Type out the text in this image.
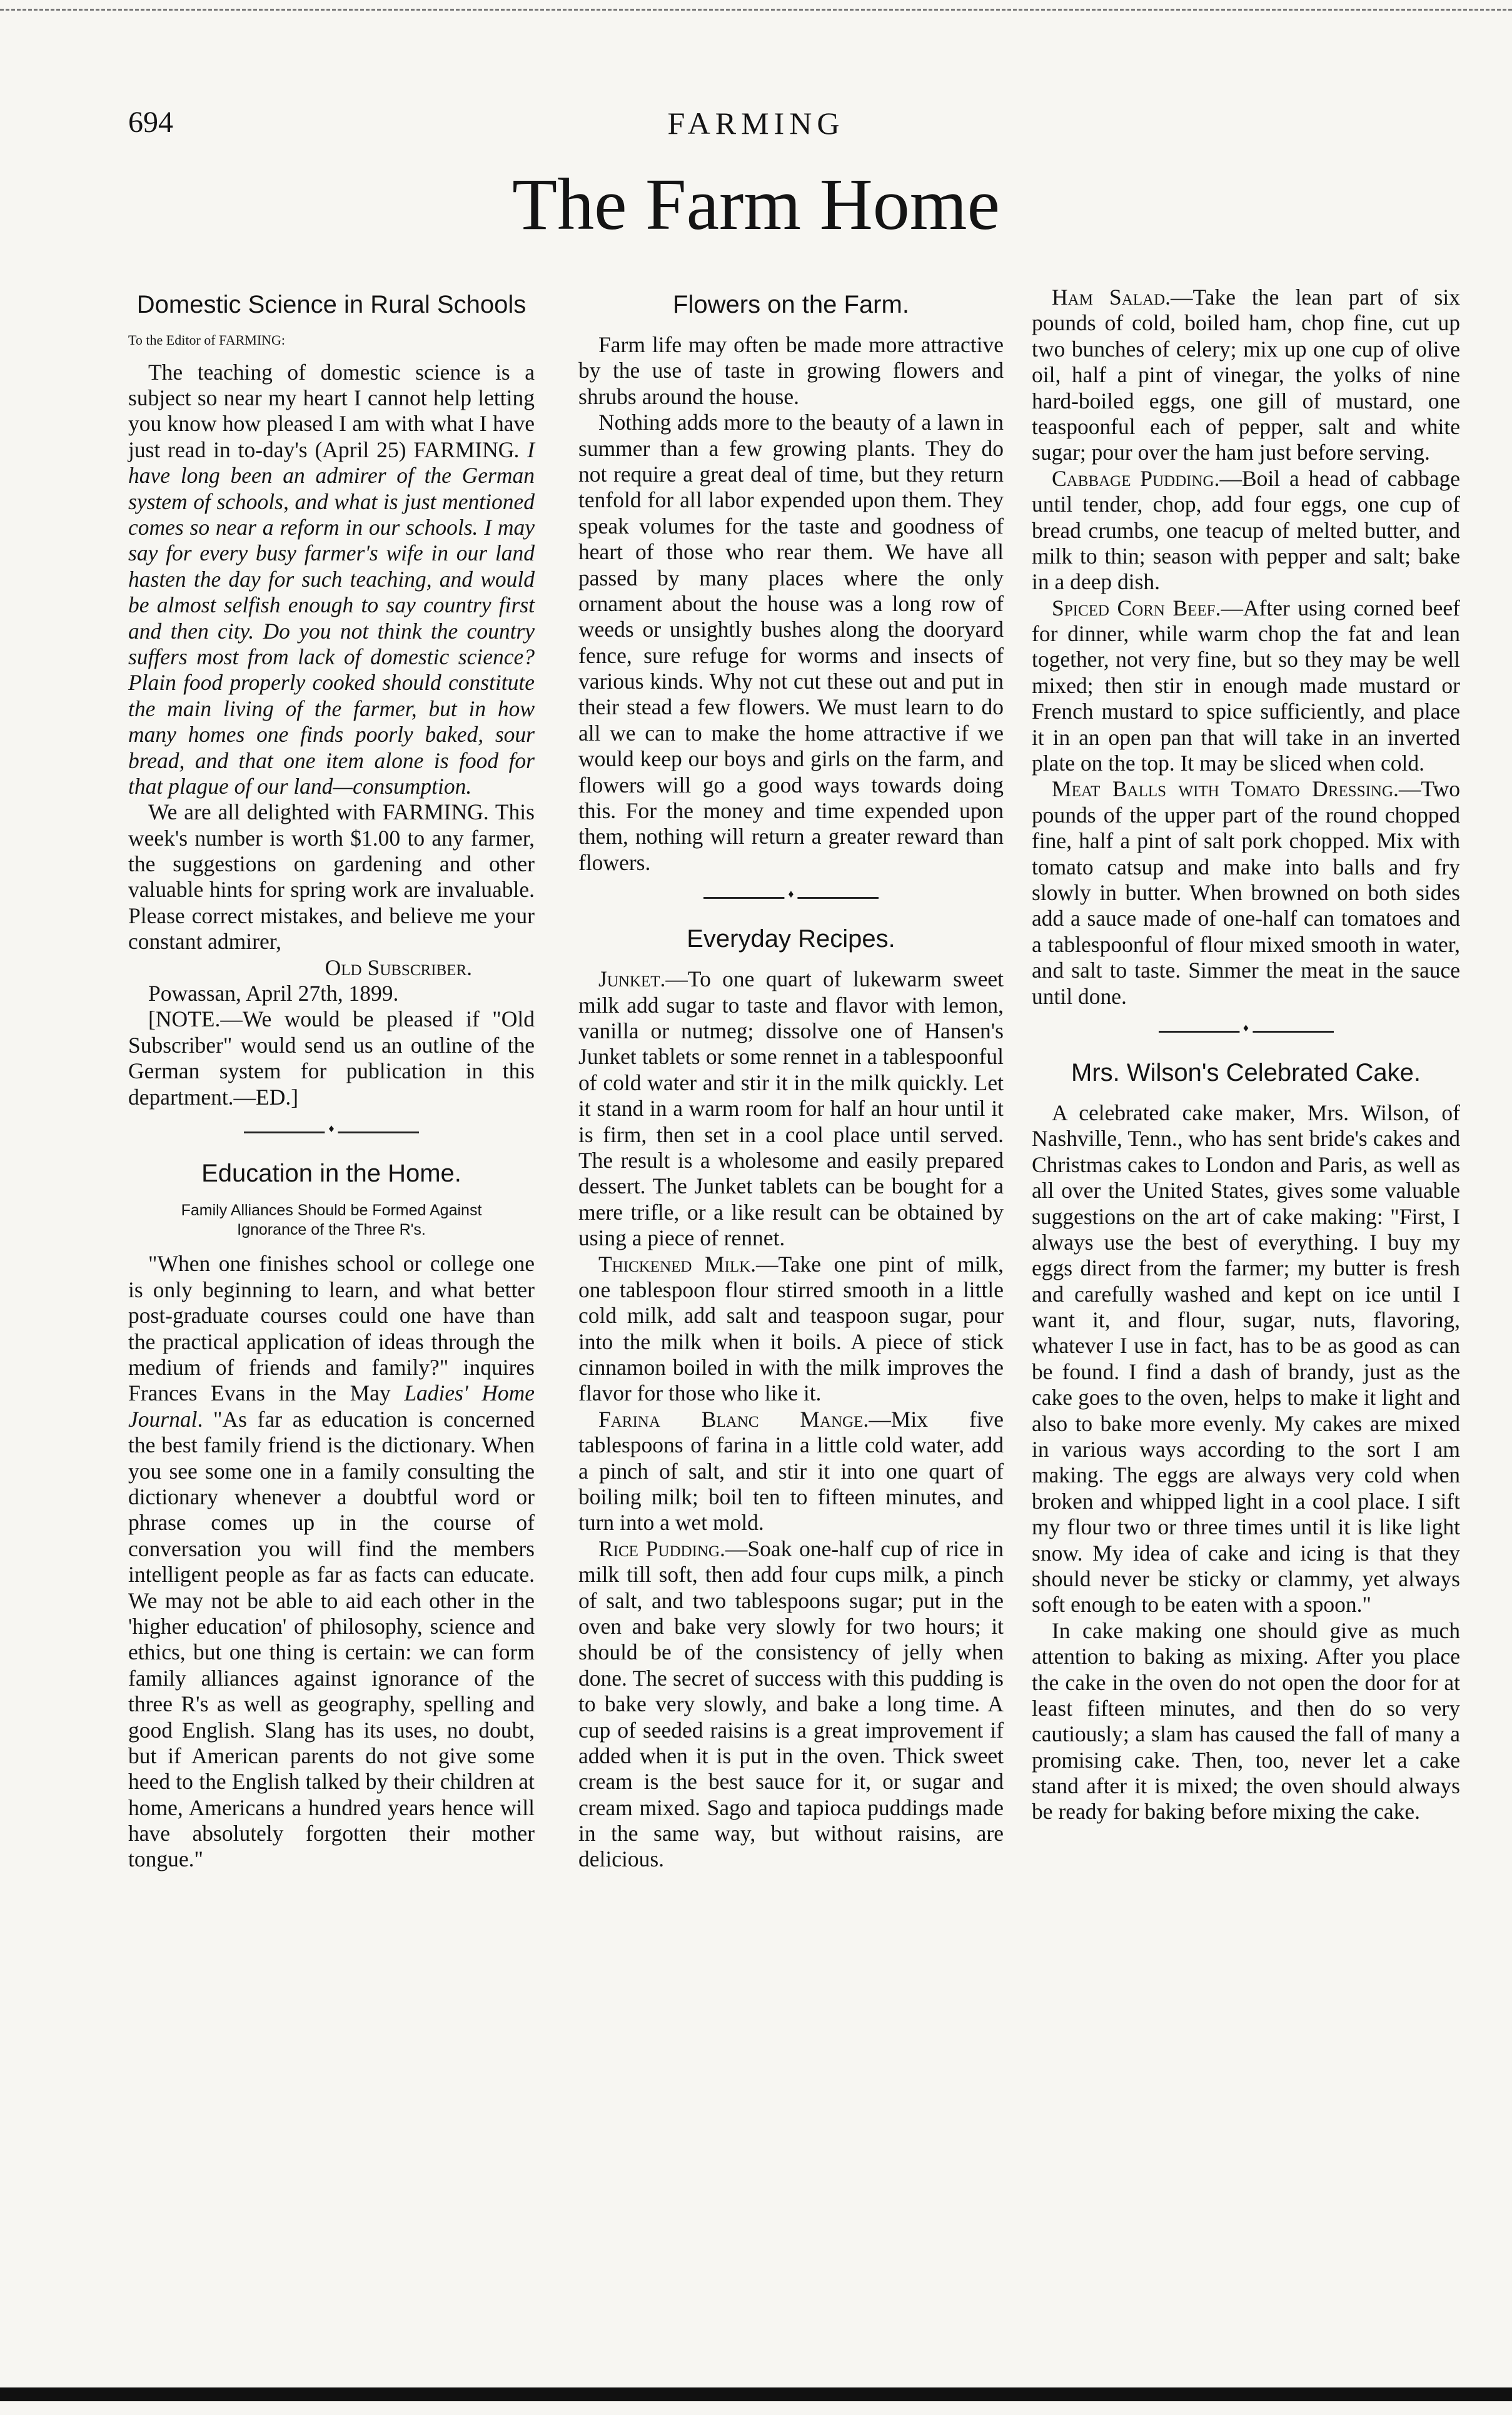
694	FARMING
The Farm Home
Domestic Science in Rural Schools
To the Editor of FARMING:

The teaching of domestic science is a subject so near my heart I cannot help letting you know how pleased I am with what I have just read in to-day's (April 25) FARMING. I have long been an admirer of the German system of schools, and what is just mentioned comes so near a reform in our schools. I may say for every busy farmer's wife in our land hasten the day for such teaching, and would be almost selfish enough to say country first and then city. Do you not think the country suffers most from lack of domestic science? Plain food properly cooked should constitute the main living of the farmer, but in how many homes one finds poorly baked, sour bread, and that one item alone is food for that plague of our land—consumption.

We are all delighted with FARMING. This week's number is worth $1.00 to any farmer, the suggestions on gardening and other valuable hints for spring work are invaluable. Please correct mistakes, and believe me your constant admirer,

Old Subscriber.

Powassan, April 27th, 1899.

[NOTE.—We would be pleased if "Old Subscriber" would send us an outline of the German system for publication in this department.—ED.]

♦
Education in the Home.
Family Alliances Should be Formed Against Ignorance of the Three R's.

"When one finishes school or college one is only beginning to learn, and what better post-graduate courses could one have than the practical application of ideas through the medium of friends and family?" inquires Frances Evans in the May Ladies' Home Journal. "As far as education is concerned the best family friend is the dictionary. When you see some one in a family consulting the dictionary whenever a doubtful word or phrase comes up in the course of conversation you will find the members intelligent people as far as facts can educate. We may not be able to aid each other in the 'higher education' of philosophy, science and ethics, but one thing is certain: we can form family alliances against ignorance of the three R's as well as geography, spelling and good English. Slang has its uses, no doubt, but if American parents do not give some heed to the English talked by their children at home, Americans a hundred years hence will have absolutely forgotten their mother tongue."

Flowers on the Farm.

Farm life may often be made more attractive by the use of taste in growing flowers and shrubs around the house.

Nothing adds more to the beauty of a lawn in summer than a few growing plants. They do not require a great deal of time, but they return tenfold for all labor expended upon them. They speak volumes for the taste and goodness of heart of those who rear them. We have all passed by many places where the only ornament about the house was a long row of weeds or unsightly bushes along the dooryard fence, sure refuge for worms and insects of various kinds. Why not cut these out and put in their stead a few flowers. We must learn to do all we can to make the home attractive if we would keep our boys and girls on the farm, and flowers will go a good ways towards doing this. For the money and time expended upon them, nothing will return a greater reward than flowers.

♦
Everyday Recipes.

Junket.—To one quart of lukewarm sweet milk add sugar to taste and flavor with lemon, vanilla or nutmeg; dissolve one of Hansen's Junket tablets or some rennet in a tablespoonful of cold water and stir it in the milk quickly. Let it stand in a warm room for half an hour until it is firm, then set in a cool place until served. The result is a wholesome and easily prepared dessert. The Junket tablets can be bought for a mere trifle, or a like result can be obtained by using a piece of rennet.

Thickened Milk.—Take one pint of milk, one tablespoon flour stirred smooth in a little cold milk, add salt and teaspoon sugar, pour into the milk when it boils. A piece of stick cinnamon boiled in with the milk improves the flavor for those who like it.

Farina Blanc Mange.—Mix five tablespoons of farina in a little cold water, add a pinch of salt, and stir it into one quart of boiling milk; boil ten to fifteen minutes, and turn into a wet mold.

Rice Pudding.—Soak one-half cup of rice in milk till soft, then add four cups milk, a pinch of salt, and two tablespoons sugar; put in the oven and bake very slowly for two hours; it should be of the consistency of jelly when done. The secret of success with this pudding is to bake very slowly, and bake a long time. A cup of seeded raisins is a great improvement if added when it is put in the oven. Thick sweet cream is the best sauce for it, or sugar and cream mixed. Sago and tapioca puddings made in the same way, but without raisins, are delicious.

Ham Salad.—Take the lean part of six pounds of cold, boiled ham, chop fine, cut up two bunches of celery; mix up one cup of olive oil, half a pint of vinegar, the yolks of nine hard-boiled eggs, one gill of mustard, one teaspoonful each of pepper, salt and white sugar; pour over the ham just before serving.

Cabbage Pudding.—Boil a head of cabbage until tender, chop, add four eggs, one cup of bread crumbs, one teacup of melted butter, and milk to thin; season with pepper and salt; bake in a deep dish.

Spiced Corn Beef.—After using corned beef for dinner, while warm chop the fat and lean together, not very fine, but so they may be well mixed; then stir in enough made mustard or French mustard to spice sufficiently, and place it in an open pan that will take in an inverted plate on the top. It may be sliced when cold.

Meat Balls with Tomato Dressing.—Two pounds of the upper part of the round chopped fine, half a pint of salt pork chopped. Mix with tomato catsup and make into balls and fry slowly in butter. When browned on both sides add a sauce made of one-half can tomatoes and a tablespoonful of flour mixed smooth in water, and salt to taste. Simmer the meat in the sauce until done.

♦
Mrs. Wilson's Celebrated Cake.

A celebrated cake maker, Mrs. Wilson, of Nashville, Tenn., who has sent bride's cakes and Christmas cakes to London and Paris, as well as all over the United States, gives some valuable suggestions on the art of cake making: "First, I always use the best of everything. I buy my eggs direct from the farmer; my butter is fresh and carefully washed and kept on ice until I want it, and flour, sugar, nuts, flavoring, whatever I use in fact, has to be as good as can be found. I find a dash of brandy, just as the cake goes to the oven, helps to make it light and also to bake more evenly. My cakes are mixed in various ways according to the sort I am making. The eggs are always very cold when broken and whipped light in a cool place. I sift my flour two or three times until it is like light snow. My idea of cake and icing is that they should never be sticky or clammy, yet always soft enough to be eaten with a spoon."

In cake making one should give as much attention to baking as mixing. After you place the cake in the oven do not open the door for at least fifteen minutes, and then do so very cautiously; a slam has caused the fall of many a promising cake. Then, too, never let a cake stand after it is mixed; the oven should always be ready for baking before mixing the cake.
